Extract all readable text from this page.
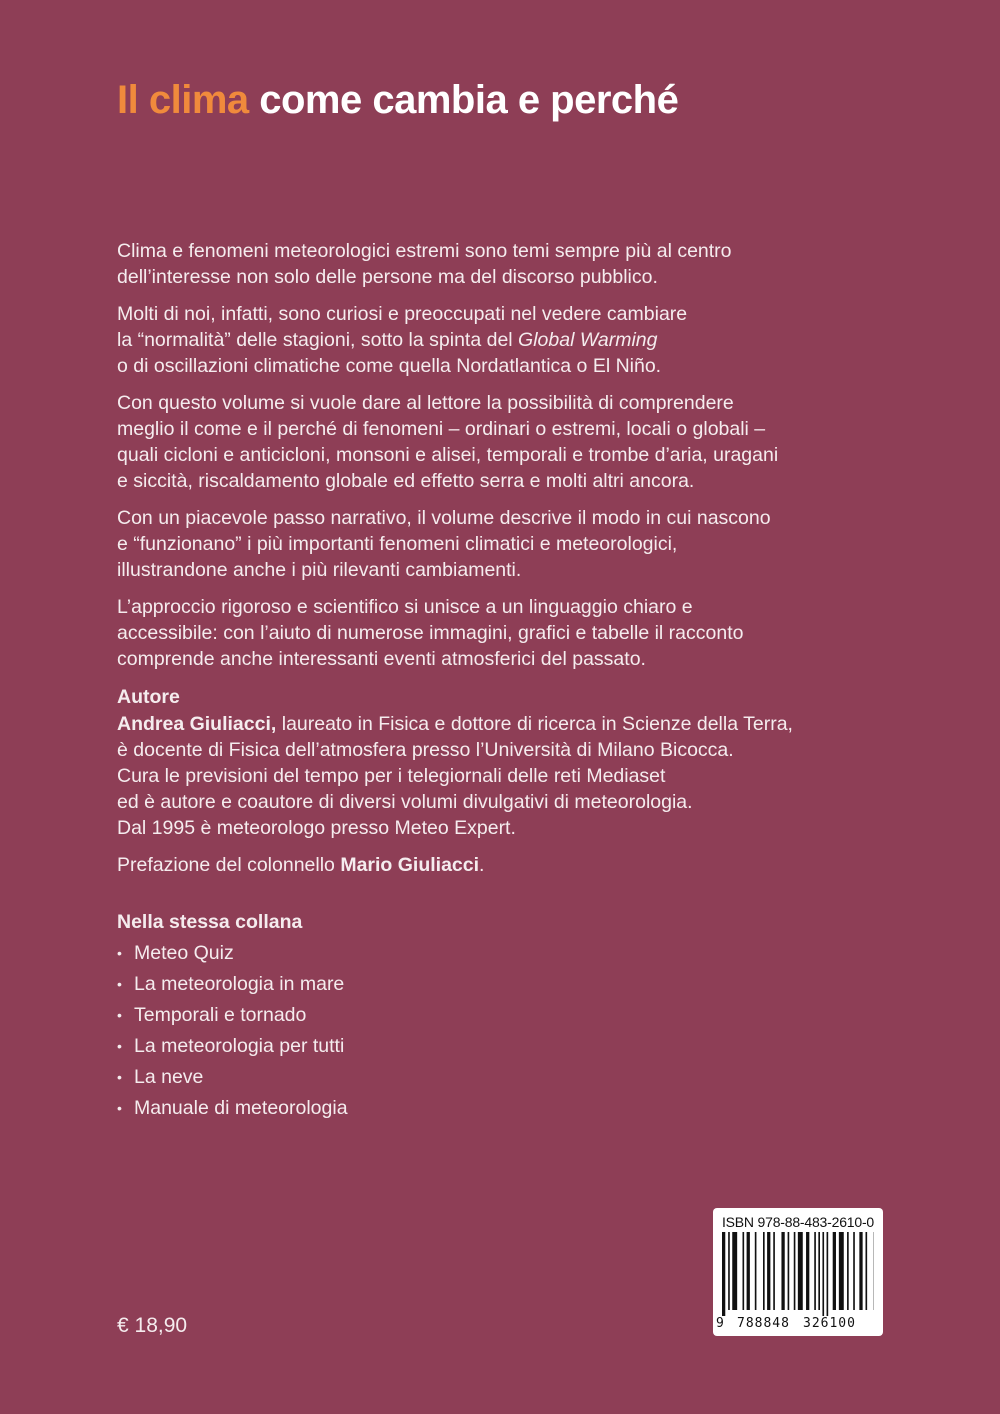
Il clima come cambia e perché

Clima e fenomeni meteorologici estremi sono temi sempre più al centro
dell’interesse non solo delle persone ma del discorso pubblico.

Molti di noi, infatti, sono curiosi e preoccupati nel vedere cambiare
la “normalità” delle stagioni, sotto la spinta del Global Warming
o di oscillazioni climatiche come quella Nordatlantica o El Niño.

Con questo volume si vuole dare al lettore la possibilità di comprendere
meglio il come e il perché di fenomeni – ordinari o estremi, locali o globali –
quali cicloni e anticicloni, monsoni e alisei, temporali e trombe d’aria, uragani
e siccità, riscaldamento globale ed effetto serra e molti altri ancora.

Con un piacevole passo narrativo, il volume descrive il modo in cui nascono
e “funzionano” i più importanti fenomeni climatici e meteorologici,
illustrandone anche i più rilevanti cambiamenti.

L’approccio rigoroso e scientifico si unisce a un linguaggio chiaro e
accessibile: con l’aiuto di numerose immagini, grafici e tabelle il racconto
comprende anche interessanti eventi atmosferici del passato.

Autore

Andrea Giuliacci, laureato in Fisica e dottore di ricerca in Scienze della Terra,
è docente di Fisica dell’atmosfera presso l’Università di Milano Bicocca.
Cura le previsioni del tempo per i telegiornali delle reti Mediaset
ed è autore e coautore di diversi volumi divulgativi di meteorologia.
Dal 1995 è meteorologo presso Meteo Expert.

Prefazione del colonnello Mario Giuliacci.

Nella stessa collana
• Meteo Quiz
• La meteorologia in mare
• Temporali e tornado
• La meteorologia per tutti
• La neve
• Manuale di meteorologia
€ 18,90
ISBN 978-88-483-2610-0
9 788848 326100
